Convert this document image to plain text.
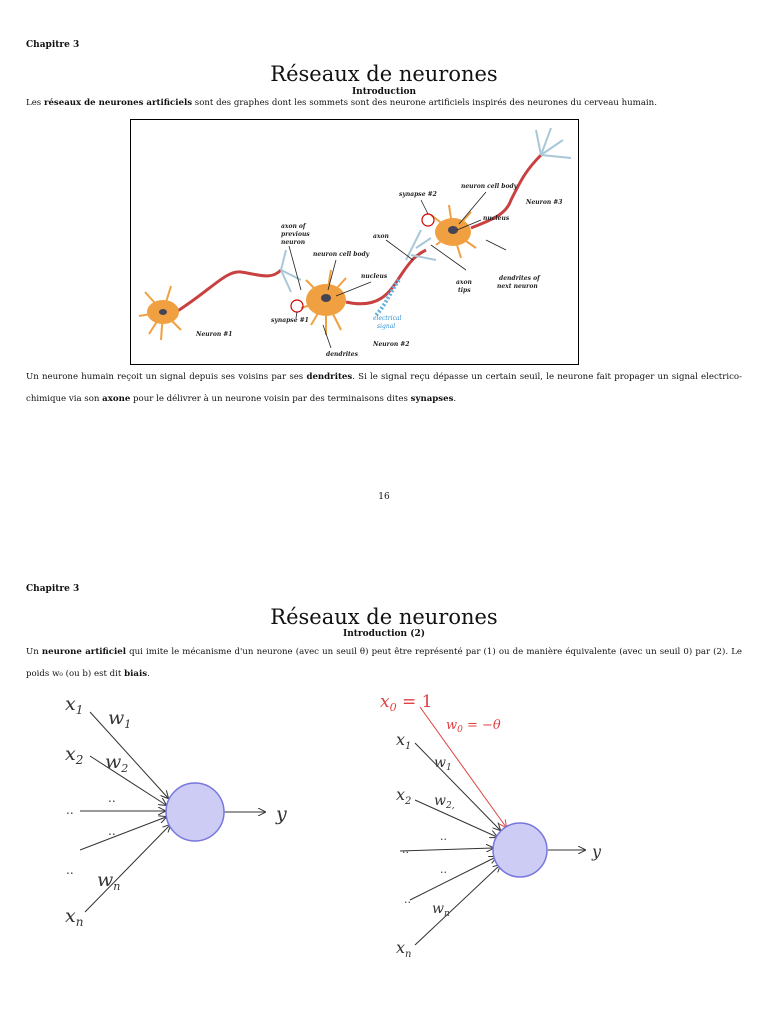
Chapitre 3
Réseaux de neurones
Introduction
Les réseaux de neurones artificiels sont des graphes dont les sommets sont des neurone artificiels inspirés des neurones du cerveau humain.
Neuron #1
Neuron #2
Neuron #3
synapse #1
synapse #2
axon of
previous
neuron
neuron cell body
nucleus
dendrites
axon
electrical
signal
neuron cell body
nucleus
axon
tips
dendrites of
next neuron
Un neurone humain reçoit un signal depuis ses voisins par ses dendrites. Si le signal reçu dépasse un certain seuil, le neurone fait propager un signal electrico-chimique via son axone pour le délivrer à un neurone voisin par des terminaisons dites synapses.
16
Chapitre 3
Réseaux de neurones
Introduction (2)
Un neurone artificiel qui imite le mécanisme d'un neurone (avec un seuil θ) peut être représenté par (1) ou de manière équivalente (avec un seuil 0) par (2). Le poids w₀ (ou b) est dit biais.
$x_1$
$x_2$
$x_n$
$w_1$
$w_2$
$w_n$
y
..
..
..
..
$x_0 = 1$
$w_0 = -\theta$
$x_1$
$x_2$
$x_n$
$w_1$
$w_{2,}$
$w_n$
y
..
..
..
..
